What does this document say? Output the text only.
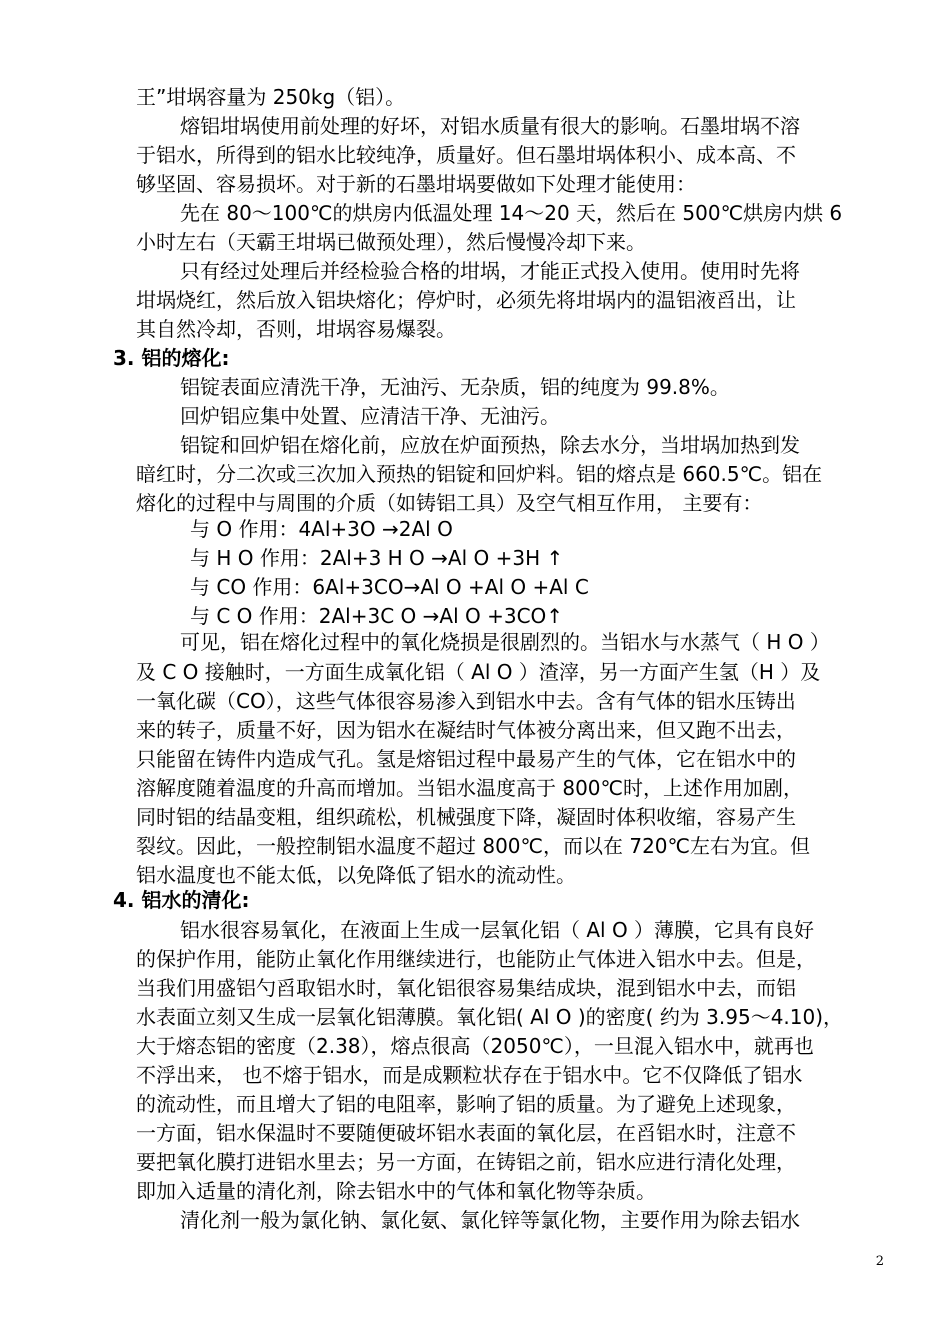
王”坩埚容量为 250kg（铝）。
熔铝坩埚使用前处理的好坏，对铝水质量有很大的影响。石墨坩埚不溶
于铝水，所得到的铝水比较纯净，质量好。但石墨坩埚体积小、成本高、不
够坚固、容易损坏。对于新的石墨坩埚要做如下处理才能使用：
先在 80～100℃的烘房内低温处理 14～20 天，然后在 500℃烘房内烘 6
小时左右（天霸王坩埚已做预处理），然后慢慢冷却下来。
只有经过处理后并经检验合格的坩埚，才能正式投入使用。使用时先将
坩埚烧红，然后放入铝块熔化；停炉时，必须先将坩埚内的温铝液舀出，让
其自然冷却，否则，坩埚容易爆裂。
3. 铝的熔化:
铝锭表面应清洗干净，无油污、无杂质，铝的纯度为 99.8%。
回炉铝应集中处置、应清洁干净、无油污。
铝锭和回炉铝在熔化前，应放在炉面预热，除去水分，当坩埚加热到发
暗红时，分二次或三次加入预热的铝锭和回炉料。铝的熔点是 660.5℃。铝在
熔化的过程中与周围的介质（如铸铝工具）及空气相互作用， 主要有：
与 O 作用：4Al+3O →2Al O
与 H O 作用：2Al+3 H O →Al O +3H ↑
与 CO 作用：6Al+3CO→Al O +Al O +Al C
与 C O 作用：2Al+3C O →Al O +3CO↑
可见，铝在熔化过程中的氧化烧损是很剧烈的。当铝水与水蒸气（ H O ）
及 C O 接触时，一方面生成氧化铝（ Al O ）渣滓，另一方面产生氢（H ）及
一氧化碳（CO），这些气体很容易渗入到铝水中去。含有气体的铝水压铸出
来的转子，质量不好，因为铝水在凝结时气体被分离出来，但又跑不出去，
只能留在铸件内造成气孔。氢是熔铝过程中最易产生的气体，它在铝水中的
溶解度随着温度的升高而增加。当铝水温度高于 800℃时，上述作用加剧，
同时铝的结晶变粗，组织疏松，机械强度下降，凝固时体积收缩，容易产生
裂纹。因此，一般控制铝水温度不超过 800℃，而以在 720℃左右为宜。但
铝水温度也不能太低，以免降低了铝水的流动性。
4. 铝水的清化:
铝水很容易氧化，在液面上生成一层氧化铝（ Al O ）薄膜，它具有良好
的保护作用，能防止氧化作用继续进行，也能防止气体进入铝水中去。但是，
当我们用盛铝勺舀取铝水时，氧化铝很容易集结成块，混到铝水中去，而铝
水表面立刻又生成一层氧化铝薄膜。氧化铝( Al O )的密度( 约为 3.95～4.10)，
大于熔态铝的密度（2.38），熔点很高（2050℃），一旦混入铝水中，就再也
不浮出来， 也不熔于铝水，而是成颗粒状存在于铝水中。它不仅降低了铝水
的流动性，而且增大了铝的电阻率，影响了铝的质量。为了避免上述现象，
一方面，铝水保温时不要随便破坏铝水表面的氧化层，在舀铝水时，注意不
要把氧化膜打进铝水里去；另一方面，在铸铝之前，铝水应进行清化处理，
即加入适量的清化剂，除去铝水中的气体和氧化物等杂质。
清化剂一般为氯化钠、氯化氨、氯化锌等氯化物，主要作用为除去铝水
2
